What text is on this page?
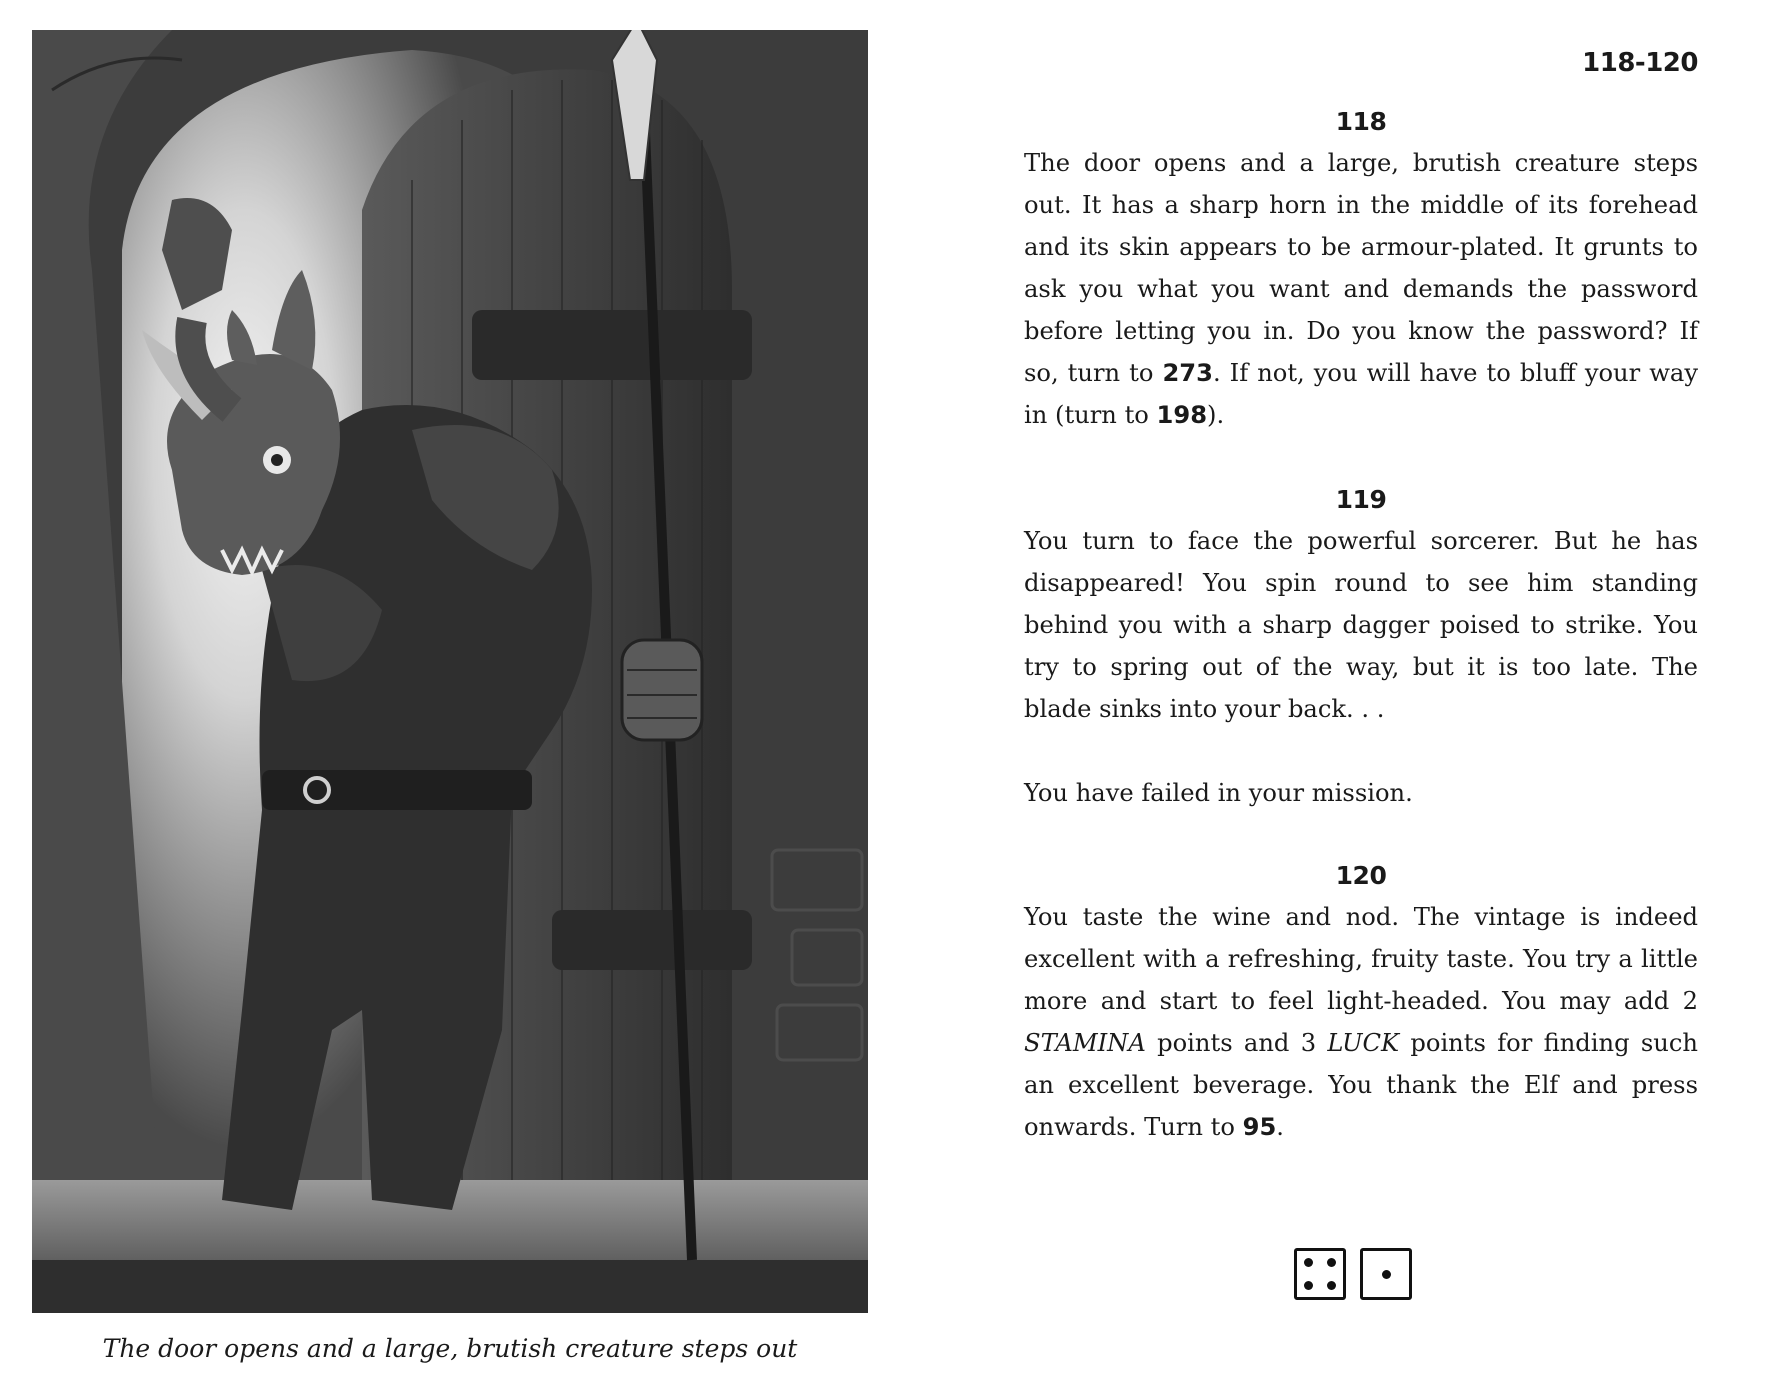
The door opens and a large, brutish creature steps out
118-120
118

The door opens and a large, brutish creature steps out. It has a sharp horn in the middle of its forehead and its skin appears to be armour-plated. It grunts to ask you what you want and demands the password before letting you in. Do you know the password? If so, turn to 273. If not, you will have to bluff your way in (turn to 198).

119

You turn to face the powerful sorcerer. But he has disappeared! You spin round to see him standing behind you with a sharp dagger poised to strike. You try to spring out of the way, but it is too late. The blade sinks into your back. . .

You have failed in your mission.

120

You taste the wine and nod. The vintage is indeed excellent with a refreshing, fruity taste. You try a little more and start to feel light-headed. You may add 2 STAMINA points and 3 LUCK points for finding such an excellent beverage. You thank the Elf and press onwards. Turn to 95.
